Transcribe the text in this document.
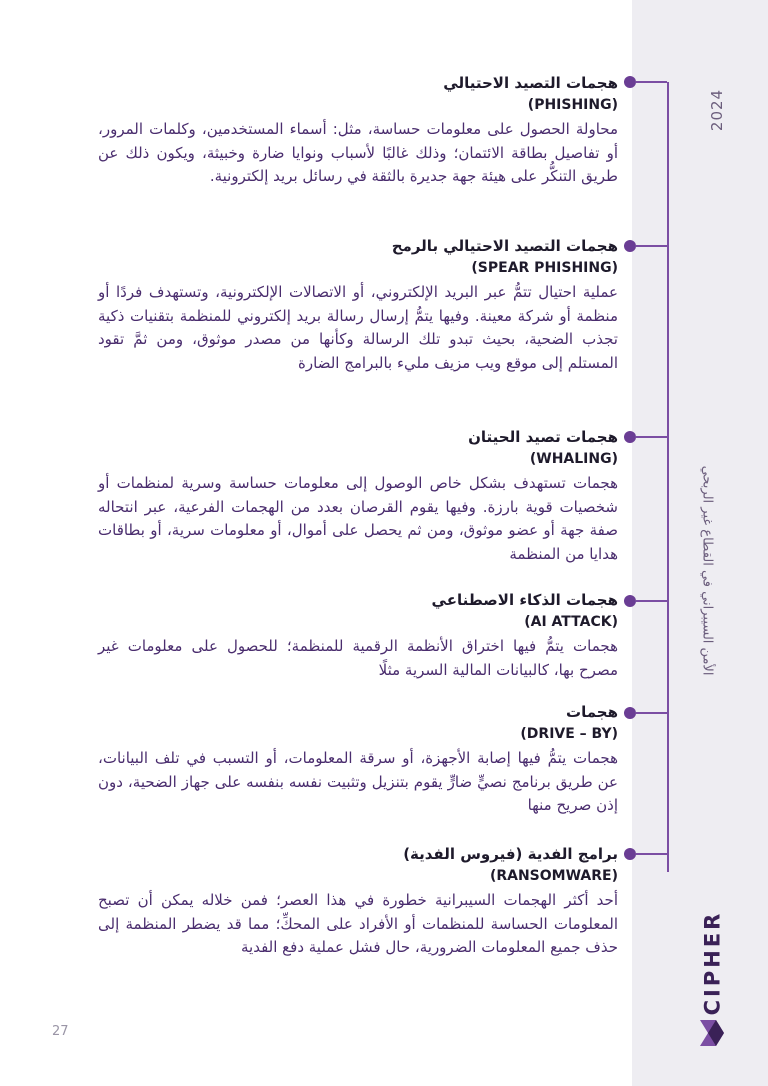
2024
الأمن السيبراني في القطاع غير الربحي
CIPHER
هجمات التصيد الاحتيالي
(PHISHING)

محاولة الحصول على معلومات حساسة، مثل: أسماء المستخدمين، وكلمات المرور، أو تفاصيل بطاقة الائتمان؛ وذلك غالبًا لأسباب ونوايا ضارة وخبيثة، ويكون ذلك عن طريق التنكُّر على هيئة جهة جديرة بالثقة في رسائل بريد إلكترونية.

هجمات التصيد الاحتيالي بالرمح
(SPEAR PHISHING)

عملية احتيال تتمُّ عبر البريد الإلكتروني، أو الاتصالات الإلكترونية، وتستهدف فردًا أو منظمة أو شركة معينة. وفيها يتمُّ إرسال رسالة بريد إلكتروني للمنظمة بتقنيات ذكية تجذب الضحية، بحيث تبدو تلك الرسالة وكأنها من مصدر موثوق، ومن ثمَّ تقود المستلم إلى موقع ويب مزيف مليء بالبرامج الضارة

هجمات تصيد الحيتان
(WHALING)

هجمات تستهدف بشكل خاص الوصول إلى معلومات حساسة وسرية لمنظمات أو شخصيات قوية بارزة. وفيها يقوم القرصان بعدد من الهجمات الفرعية، عبر انتحاله صفة جهة أو عضو موثوق، ومن ثم يحصل على أموال، أو معلومات سرية، أو بطاقات هدايا من المنظمة

هجمات الذكاء الاصطناعي
(AI ATTACK)

هجمات يتمُّ فيها اختراق الأنظمة الرقمية للمنظمة؛ للحصول على معلومات غير مصرح بها، كالبيانات المالية السرية مثلًا

هجمات
(DRIVE – BY)

هجمات يتمُّ فيها إصابة الأجهزة، أو سرقة المعلومات، أو التسبب في تلف البيانات، عن طريق برنامج نصيٍّ ضارٍّ يقوم بتنزيل وتثبيت نفسه بنفسه على جهاز الضحية، دون إذن صريح منها

برامج الفدية (فيروس الفدية)
(RANSOMWARE)

أحد أكثر الهجمات السيبرانية خطورة في هذا العصر؛ فمن خلاله يمكن أن تصبح المعلومات الحساسة للمنظمات أو الأفراد على المحكِّ؛ مما قد يضطر المنظمة إلى حذف جميع المعلومات الضرورية، حال فشل عملية دفع الفدية

27
